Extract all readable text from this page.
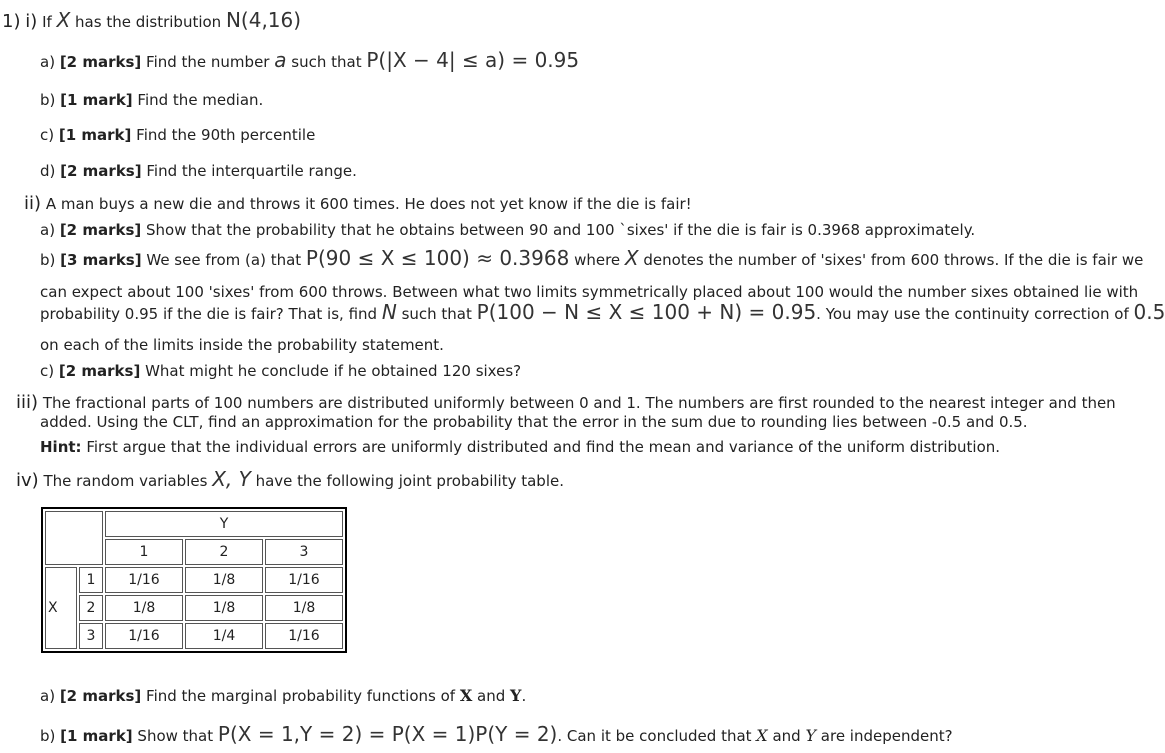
1) i) If X has the distribution N(4,16)
a) [2 marks] Find the number a such that P(|X − 4| ≤ a) = 0.95
b) [1 mark] Find the median.
c) [1 mark] Find the 90th percentile
d) [2 marks] Find the interquartile range.
ii) A man buys a new die and throws it 600 times. He does not yet know if the die is fair!
a) [2 marks] Show that the probability that he obtains between 90 and 100 `sixes' if the die is fair is 0.3968 approximately.
b) [3 marks] We see from (a) that P(90 ≤ X ≤ 100) ≈ 0.3968 where X denotes the number of 'sixes' from 600 throws. If the die is fair we
can expect about 100 'sixes' from 600 throws. Between what two limits symmetrically placed about 100 would the number sixes obtained lie with
probability 0.95 if the die is fair? That is, find N such that P(100 − N ≤ X ≤ 100 + N) = 0.95. You may use the continuity correction of 0.5
on each of the limits inside the probability statement.
c) [2 marks] What might he conclude if he obtained 120 sixes?
iii) The fractional parts of 100 numbers are distributed uniformly between 0 and 1. The numbers are first rounded to the nearest integer and then
added. Using the CLT, find an approximation for the probability that the error in the sum due to rounding lies between -0.5 and 0.5.
Hint: First argue that the individual errors are uniformly distributed and find the mean and variance of the uniform distribution.
iv) The random variables X, Y have the following joint probability table.
		Y		
		1	2	3
X	1	1/16	1/8	1/16
	2	1/8	1/8	1/8
	3	1/16	1/4	1/16
a) [2 marks] Find the marginal probability functions of X and Y.
b) [1 mark] Show that P(X = 1,Y = 2) = P(X = 1)P(Y = 2). Can it be concluded that X and Y are independent?
